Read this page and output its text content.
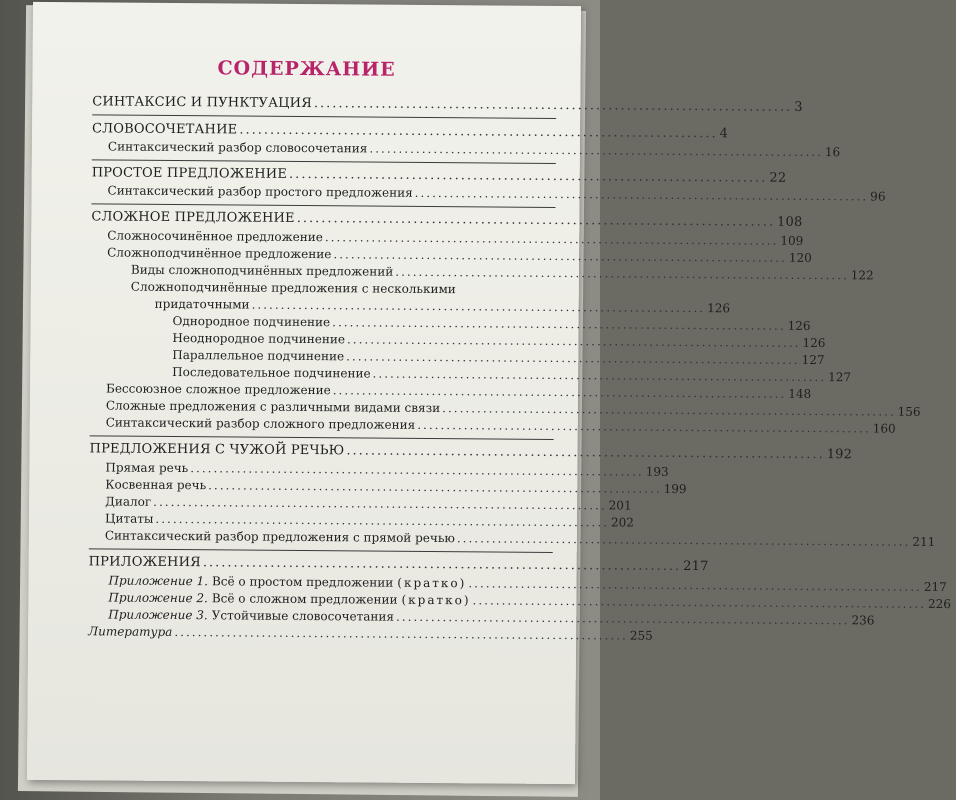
СОДЕРЖАНИЕ
СИНТАКСИС И ПУНКТУАЦИЯ .............................................................................. 3
СЛОВОСОЧЕТАНИЕ .............................................................................. 4
Синтаксический разбор словосочетания .............................................................................. 16
ПРОСТОЕ ПРЕДЛОЖЕНИЕ .............................................................................. 22
Синтаксический разбор простого предложения .............................................................................. 96
СЛОЖНОЕ ПРЕДЛОЖЕНИЕ .............................................................................. 108
Сложносочинённое предложение .............................................................................. 109
Сложноподчинённое предложение .............................................................................. 120
Виды сложноподчинённых предложений .............................................................................. 122
Сложноподчинённые предложения с несколькими
придаточными .............................................................................. 126
Однородное подчинение .............................................................................. 126
Неоднородное подчинение .............................................................................. 126
Параллельное подчинение .............................................................................. 127
Последовательное подчинение .............................................................................. 127
Бессоюзное сложное предложение .............................................................................. 148
Сложные предложения с различными видами связи .............................................................................. 156
Синтаксический разбор сложного предложения .............................................................................. 160
ПРЕДЛОЖЕНИЯ С ЧУЖОЙ РЕЧЬЮ .............................................................................. 192
Прямая речь .............................................................................. 193
Косвенная речь .............................................................................. 199
Диалог .............................................................................. 201
Цитаты .............................................................................. 202
Синтаксический разбор предложения с прямой речью .............................................................................. 211
ПРИЛОЖЕНИЯ .............................................................................. 217
Приложение 1. Всё о простом предложении (кратко) .............................................................................. 217
Приложение 2. Всё о сложном предложении (кратко) .............................................................................. 226
Приложение 3. Устойчивые словосочетания .............................................................................. 236
Литература .............................................................................. 255
